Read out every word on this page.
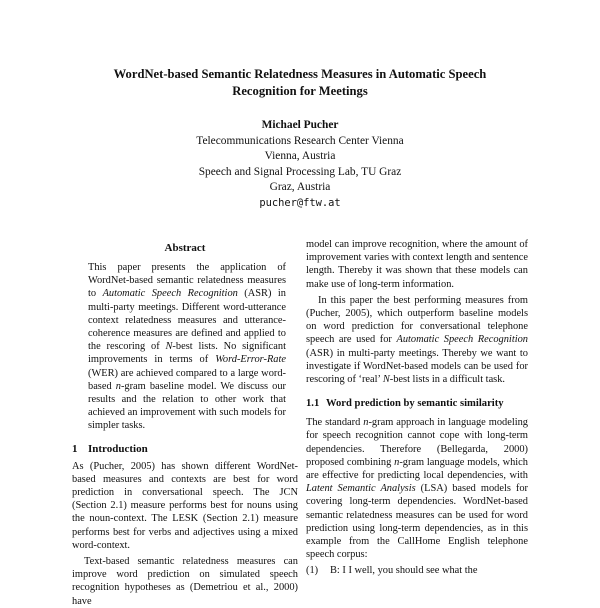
WordNet-based Semantic Relatedness Measures in Automatic Speech
Recognition for Meetings
Michael Pucher
Telecommunications Research Center Vienna
Vienna, Austria
Speech and Signal Processing Lab, TU Graz
Graz, Austria
pucher@ftw.at
Abstract
This paper presents the application of WordNet-based semantic relatedness measures to Automatic Speech Recognition (ASR) in multi-party meetings. Different word-utterance context relatedness measures and utterance-coherence measures are defined and applied to the rescoring of N-best lists. No significant improvements in terms of Word-Error-Rate (WER) are achieved compared to a large word-based n-gram baseline model. We discuss our results and the relation to other work that achieved an improvement with such models for simpler tasks.
1 Introduction

As (Pucher, 2005) has shown different WordNet-based measures and contexts are best for word prediction in conversational speech. The JCN (Section 2.1) measure performs best for nouns using the noun-context. The LESK (Section 2.1) measure performs best for verbs and adjectives using a mixed word-context.

Text-based semantic relatedness measures can improve word prediction on simulated speech recognition hypotheses as (Demetriou et al., 2000) have

model can improve recognition, where the amount of improvement varies with context length and sentence length. Thereby it was shown that these models can make use of long-term information.

In this paper the best performing measures from (Pucher, 2005), which outperform baseline models on word prediction for conversational telephone speech are used for Automatic Speech Recognition (ASR) in multi-party meetings. Thereby we want to investigate if WordNet-based models can be used for rescoring of ‘real’ N-best lists in a difficult task.

1.1 Word prediction by semantic similarity

The standard n-gram approach in language modeling for speech recognition cannot cope with long-term dependencies. Therefore (Bellegarda, 2000) proposed combining n-gram language models, which are effective for predicting local dependencies, with Latent Semantic Analysis (LSA) based models for covering long-term dependencies. WordNet-based semantic relatedness measures can be used for word prediction using long-term dependencies, as in this example from the CallHome English telephone speech corpus:

(1) B: I I well, you should see what the
